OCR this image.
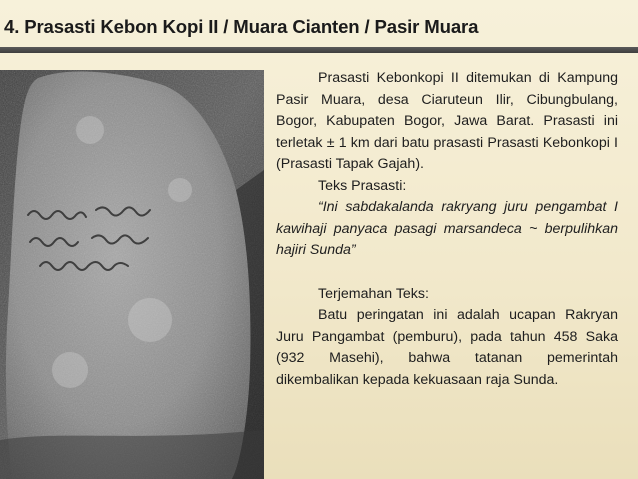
4. Prasasti Kebon Kopi II / Muara Cianten / Pasir Muara

Prasasti Kebonkopi II ditemukan di Kampung Pasir Muara, desa Ciaruteun Ilir, Cibungbulang, Bogor, Kabupaten Bogor, Jawa Barat. Prasasti ini terletak ± 1 km dari batu prasasti Prasasti Kebonkopi I (Prasasti Tapak Gajah).

Teks Prasasti:

“Ini sabdakalanda rakryang juru pengambat I kawihaji panyaca pasagi marsandeca ~ berpulihkan hajiri Sunda”

Terjemahan Teks:

Batu peringatan ini adalah ucapan Rakryan Juru Pangambat (pemburu), pada tahun 458 Saka (932 Masehi), bahwa tatanan pemerintah dikembalikan kepada kekuasaan raja Sunda.
